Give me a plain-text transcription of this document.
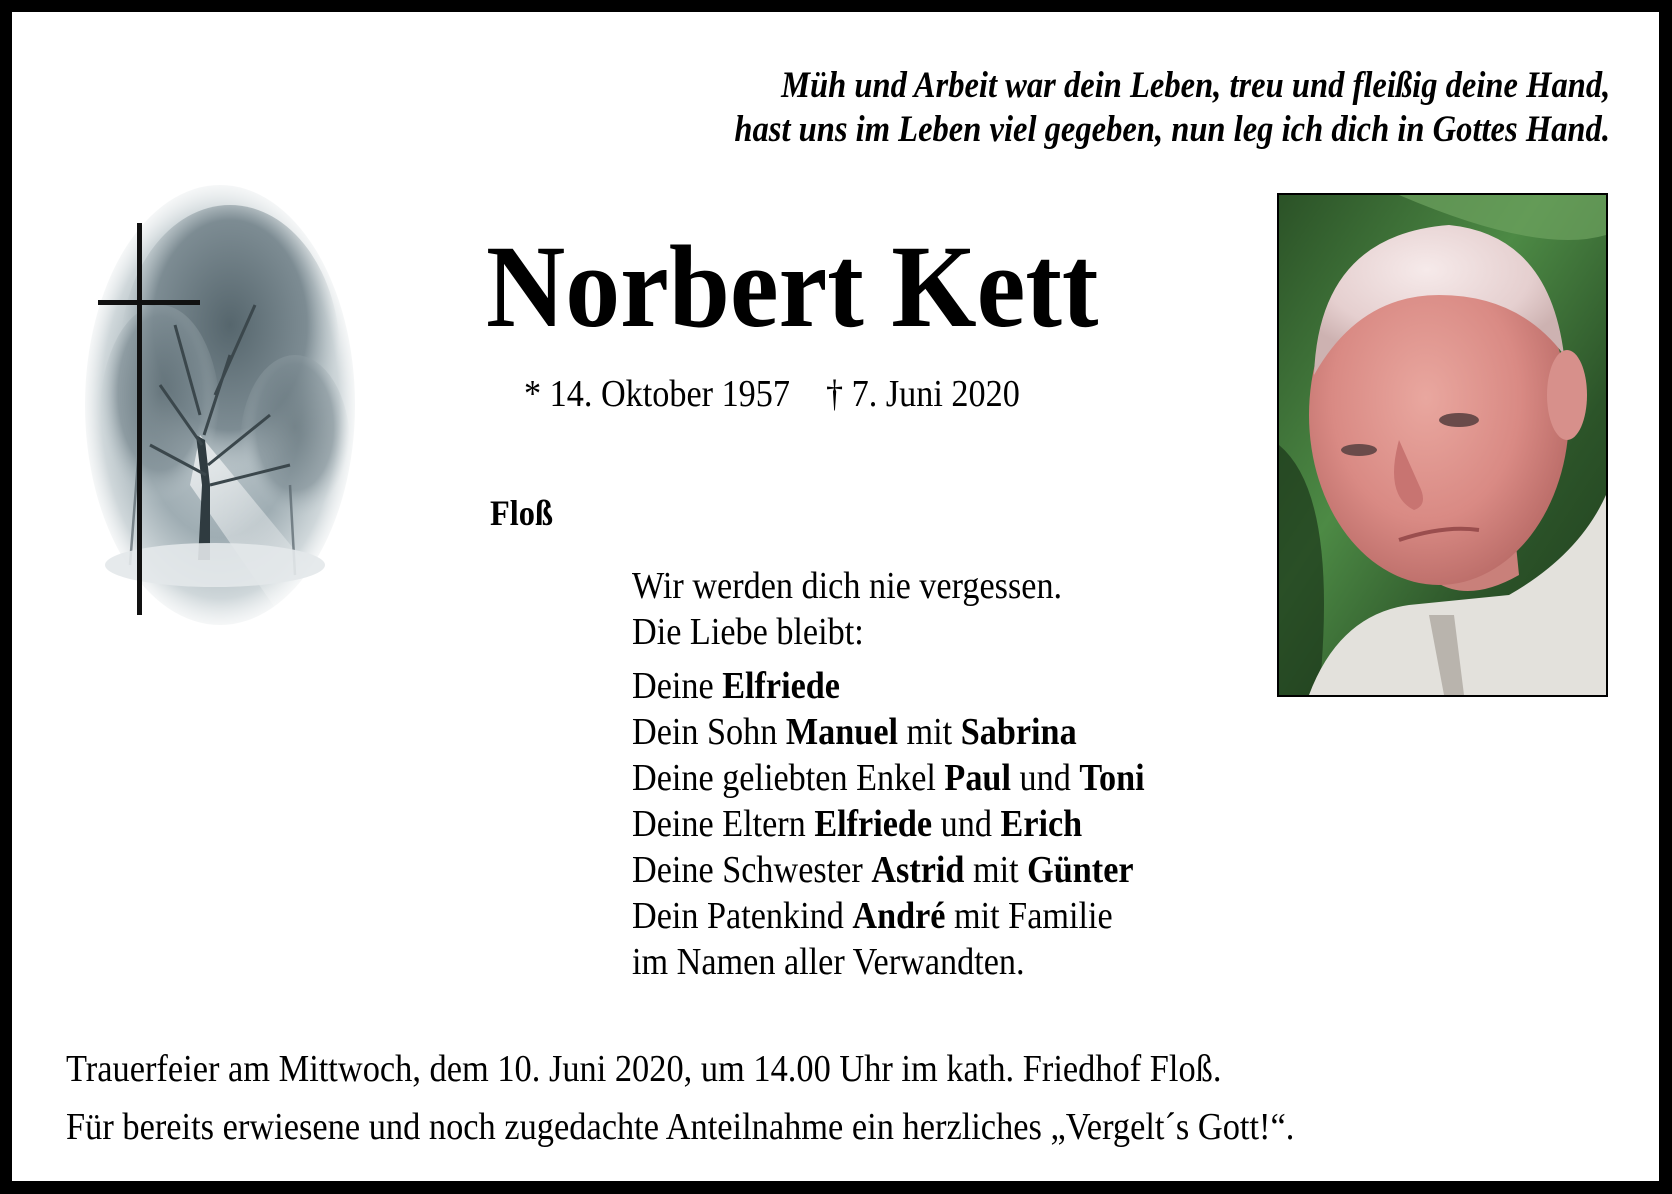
Müh und Arbeit war dein Leben, treu und fleißig deine Hand,
hast uns im Leben viel gegeben, nun leg ich dich in Gottes Hand.
Norbert Kett
* 14. Oktober 1957 † 7. Juni 2020
Floß
Wir werden dich nie vergessen.
Die Liebe bleibt:
Deine Elfriede
Dein Sohn Manuel mit Sabrina
Deine geliebten Enkel Paul und Toni
Deine Eltern Elfriede und Erich
Deine Schwester Astrid mit Günter
Dein Patenkind André mit Familie
im Namen aller Verwandten.
Trauerfeier am Mittwoch, dem 10. Juni 2020, um 14.00 Uhr im kath. Friedhof Floß.
Für bereits erwiesene und noch zugedachte Anteilnahme ein herzliches „Vergelt´s Gott!“.
